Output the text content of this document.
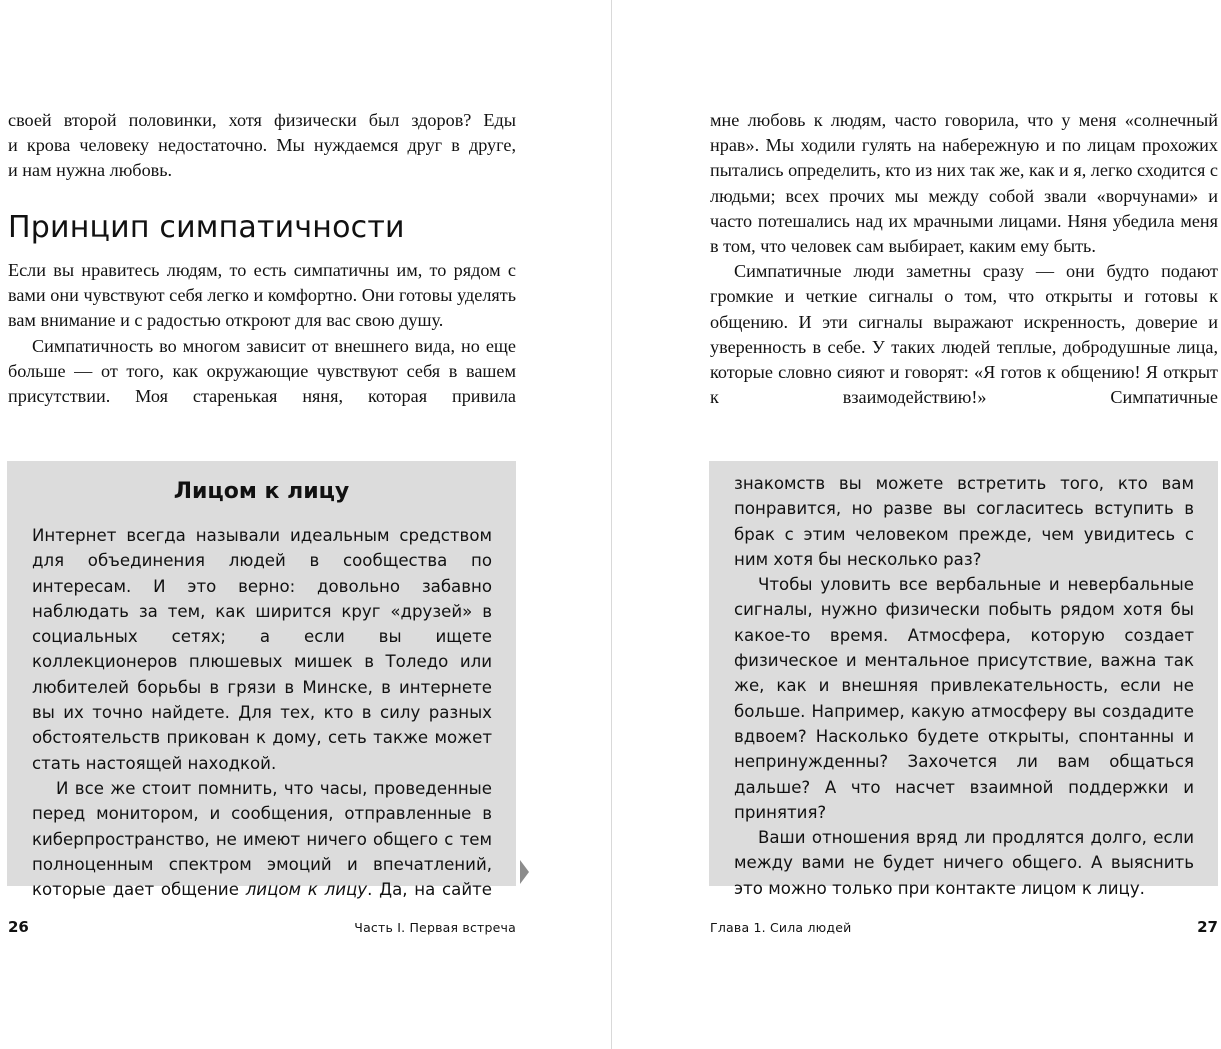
своей второй половинки, хотя физически был здоров? Еды

и крова человеку недостаточно. Мы нуждаемся друг в друге,

и нам нужна любовь.

Принцип симпатичности

Если вы нравитесь людям, то есть симпатичны им, то рядом с вами они чувствуют себя легко и комфортно. Они готовы уделять вам внимание и с радостью откроют для вас свою душу.

Симпатичность во многом зависит от внешнего вида, но еще больше — от того, как окружающие чувствуют себя в вашем присутствии. Моя старенькая няня, которая привила

Лицом к лицу

Интернет всегда называли идеальным средством для объединения людей в сообщества по интересам. И это верно: довольно забавно наблюдать за тем, как ширится круг «друзей» в социальных сетях; а если вы ищете коллекционеров плюшевых мишек в Толедо или любителей борьбы в грязи в Минске, в интернете вы их точно найдете. Для тех, кто в силу разных обстоятельств прикован к дому, сеть также может стать настоящей находкой.

И все же стоит помнить, что часы, проведенные перед монитором, и сообщения, отправленные в киберпространство, не имеют ничего общего с тем полноценным спектром эмоций и впечатлений, которые дает общение лицом к лицу. Да, на сайте

26	Часть I. Первая встреча

мне любовь к людям, часто говорила, что у меня «солнечный нрав». Мы ходили гулять на набережную и по лицам прохожих пытались определить, кто из них так же, как и я, легко сходится с людьми; всех прочих мы между собой звали «ворчунами» и часто потешались над их мрачными лицами. Няня убедила меня в том, что человек сам выбирает, каким ему быть.

Симпатичные люди заметны сразу — они будто подают громкие и четкие сигналы о том, что открыты и готовы к общению. И эти сигналы выражают искренность, доверие и уверенность в себе. У таких людей теплые, добродушные лица, которые словно сияют и говорят: «Я готов к общению! Я открыт к взаимодействию!» Симпатичные

знакомств вы можете встретить того, кто вам понравится, но разве вы согласитесь вступить в брак с этим человеком прежде, чем увидитесь с ним хотя бы несколько раз?

Чтобы уловить все вербальные и невербальные сигналы, нужно физически побыть рядом хотя бы какое-то время. Атмосфера, которую создает физическое и ментальное присутствие, важна так же, как и внешняя привлекательность, если не больше. Например, какую атмосферу вы создадите вдвоем? Насколько будете открыты, спонтанны и непринужденны? Захочется ли вам общаться дальше? А что насчет взаимной поддержки и принятия?

Ваши отношения вряд ли продлятся долго, если между вами не будет ничего общего. А выяснить это можно только при контакте лицом к лицу.

Глава 1. Сила людей	27
